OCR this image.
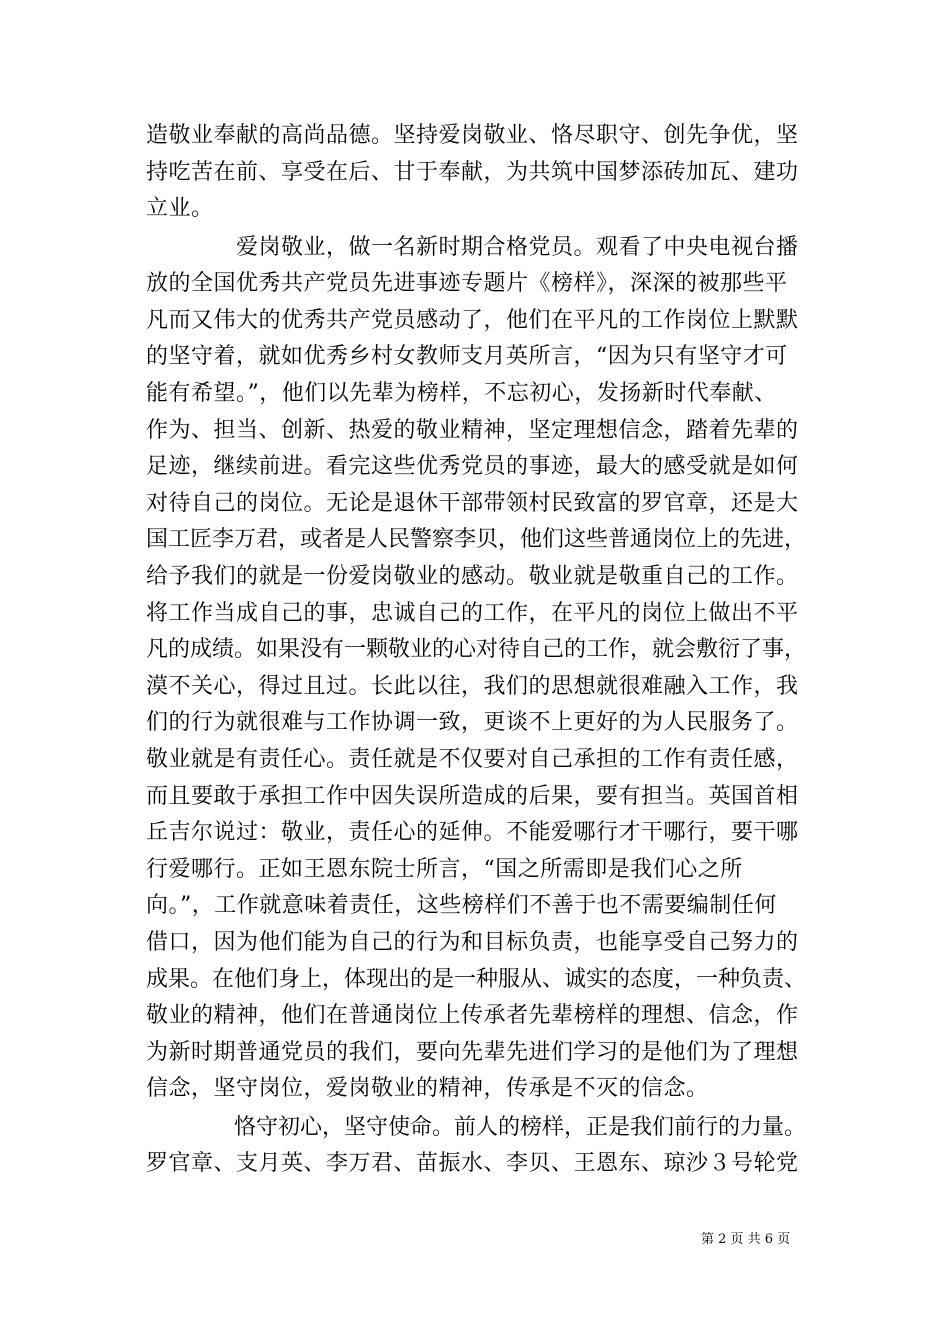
造敬业奉献的高尚品德。坚持爱岗敬业、恪尽职守、创先争优，坚
持吃苦在前、享受在后、甘于奉献，为共筑中国梦添砖加瓦、建功
立业。
　　　　爱岗敬业，做一名新时期合格党员。观看了中央电视台播
放的全国优秀共产党员先进事迹专题片《榜样》，深深的被那些平
凡而又伟大的优秀共产党员感动了，他们在平凡的工作岗位上默默
的坚守着，就如优秀乡村女教师支月英所言，“因为只有坚守才可
能有希望。”，他们以先辈为榜样，不忘初心，发扬新时代奉献、
作为、担当、创新、热爱的敬业精神，坚定理想信念，踏着先辈的
足迹，继续前进。看完这些优秀党员的事迹，最大的感受就是如何
对待自己的岗位。无论是退休干部带领村民致富的罗官章，还是大
国工匠李万君，或者是人民警察李贝，他们这些普通岗位上的先进，
给予我们的就是一份爱岗敬业的感动。敬业就是敬重自己的工作。
将工作当成自己的事，忠诚自己的工作，在平凡的岗位上做出不平
凡的成绩。如果没有一颗敬业的心对待自己的工作，就会敷衍了事，
漠不关心，得过且过。长此以往，我们的思想就很难融入工作，我
们的行为就很难与工作协调一致，更谈不上更好的为人民服务了。
敬业就是有责任心。责任就是不仅要对自己承担的工作有责任感，
而且要敢于承担工作中因失误所造成的后果，要有担当。英国首相
丘吉尔说过：敬业，责任心的延伸。不能爱哪行才干哪行，要干哪
行爱哪行。正如王恩东院士所言，“国之所需即是我们心之所
向。”，工作就意味着责任，这些榜样们不善于也不需要编制任何
借口，因为他们能为自己的行为和目标负责，也能享受自己努力的
成果。在他们身上，体现出的是一种服从、诚实的态度，一种负责、
敬业的精神，他们在普通岗位上传承者先辈榜样的理想、信念，作
为新时期普通党员的我们，要向先辈先进们学习的是他们为了理想
信念，坚守岗位，爱岗敬业的精神，传承是不灭的信念。
　　　　恪守初心，坚守使命。前人的榜样，正是我们前行的力量。
罗官章、支月英、李万君、苗振水、李贝、王恩东、琼沙３号轮党
第 2 页 共 6 页
